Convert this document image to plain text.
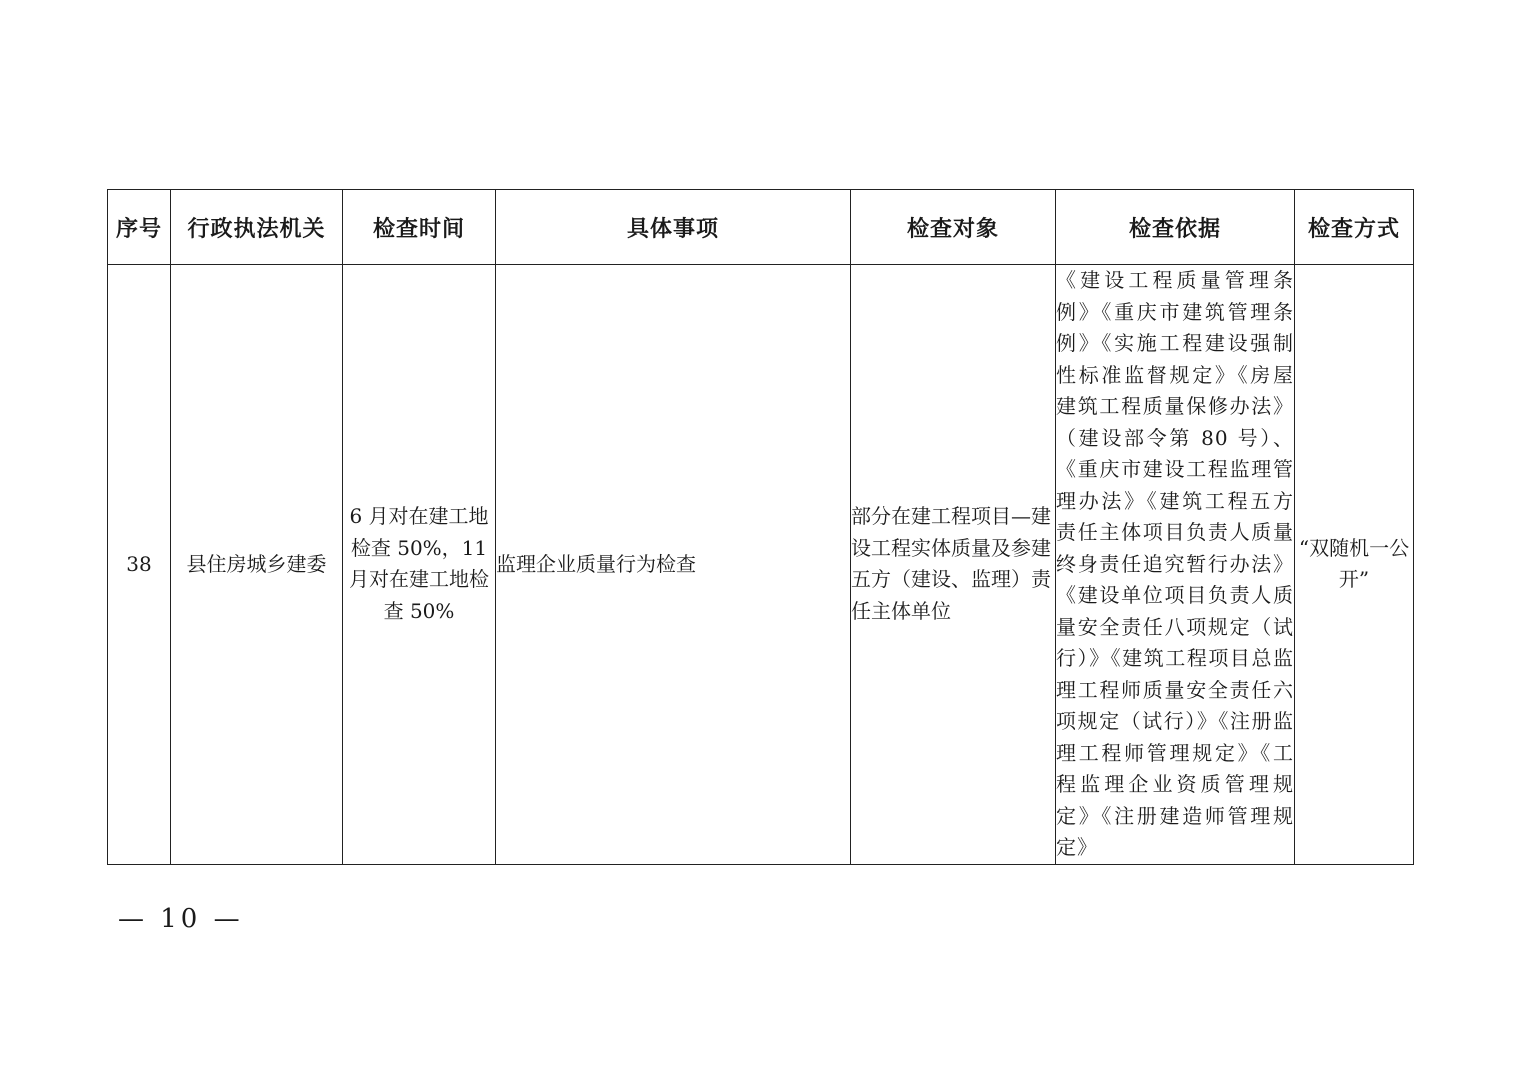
序号	行政执法机关	检查时间	具体事项	检查对象	检查依据	检查方式
38	县住房城乡建委	6 月对在建工地检查 50%，11 月对在建工地检查 50%	监理企业质量行为检查	部分在建工程项目—建设工程实体质量及参建五方（建设、监理）责任主体单位	《建设工程质量管理条例》《重庆市建筑管理条例》《实施工程建设强制性标准监督规定》《房屋建筑工程质量保修办法》（建设部令第 80 号）、《重庆市建设工程监理管理办法》《建筑工程五方责任主体项目负责人质量终身责任追究暂行办法》《建设单位项目负责人质量安全责任八项规定（试行）》《建筑工程项目总监理工程师质量安全责任六项规定（试行）》《注册监理工程师管理规定》《工程监理企业资质管理规定》《注册建造师管理规定》	“双随机一公开”
— 10 —
